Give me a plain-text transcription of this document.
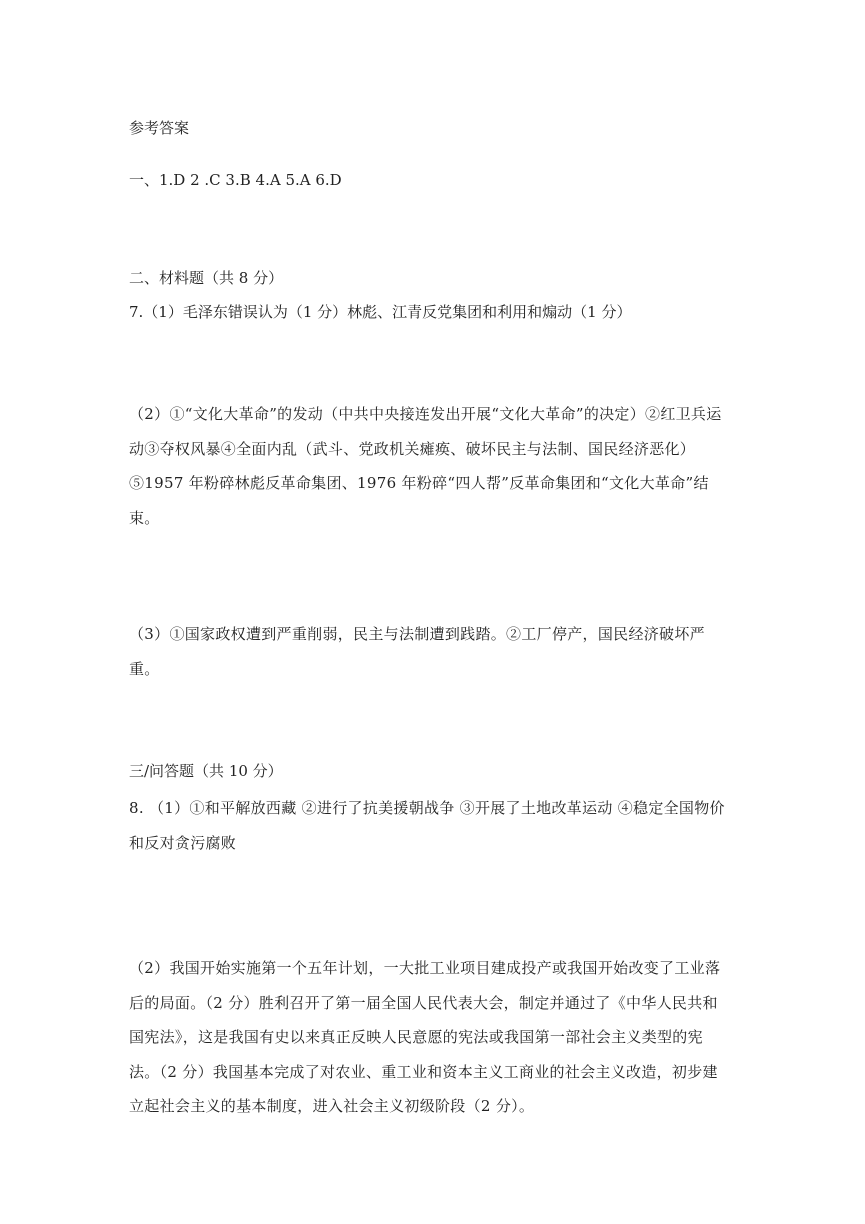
参考答案
一、1.D 2 .C 3.B 4.A 5.A 6.D
二、材料题（共 8 分）
7.（1）毛泽东错误认为（1 分）林彪、江青反党集团和利用和煽动（1 分）
（2）①“文化大革命”的发动（中共中央接连发出开展“文化大革命”的决定）②红卫兵运动③夺权风暴④全面内乱（武斗、党政机关瘫痪、破坏民主与法制、国民经济恶化）⑤1957 年粉碎林彪反革命集团、1976 年粉碎“四人帮”反革命集团和“文化大革命”结束。
（3）①国家政权遭到严重削弱，民主与法制遭到践踏。②工厂停产，国民经济破坏严重。
三/问答题（共 10 分）
8. （1）①和平解放西藏 ②进行了抗美援朝战争 ③开展了土地改革运动 ④稳定全国物价和反对贪污腐败
（2）我国开始实施第一个五年计划，一大批工业项目建成投产或我国开始改变了工业落后的局面。（2 分）胜利召开了第一届全国人民代表大会，制定并通过了《中华人民共和国宪法》，这是我国有史以来真正反映人民意愿的宪法或我国第一部社会主义类型的宪法。（2 分）我国基本完成了对农业、重工业和资本主义工商业的社会主义改造，初步建立起社会主义的基本制度，进入社会主义初级阶段（2 分）。
